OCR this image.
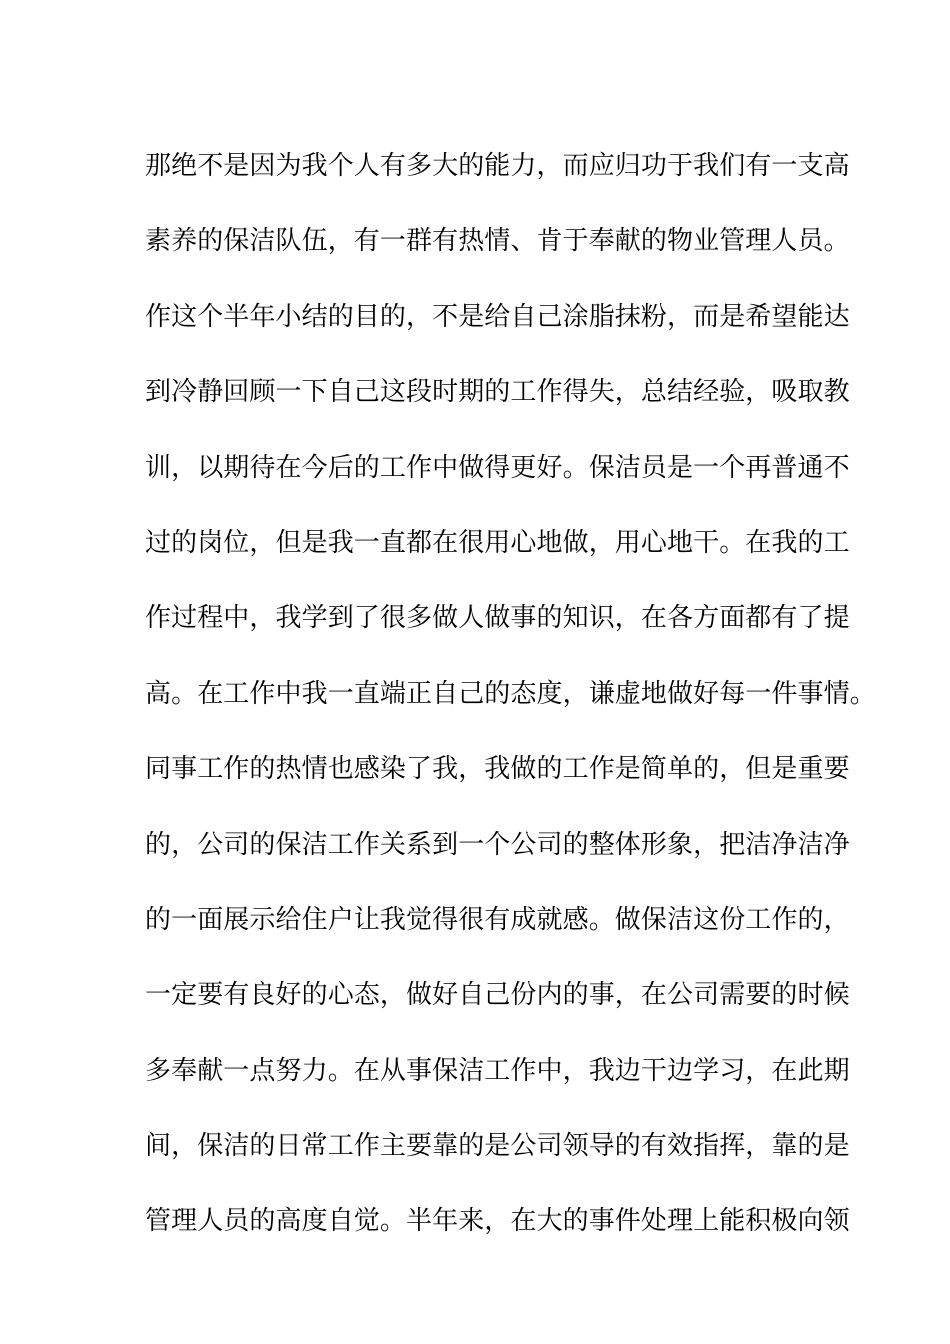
那绝不是因为我个人有多大的能力，而应归功于我们有一支高
素养的保洁队伍，有一群有热情、肯于奉献的物业管理人员。
作这个半年小结的目的，不是给自己涂脂抹粉，而是希望能达
到冷静回顾一下自己这段时期的工作得失，总结经验，吸取教
训，以期待在今后的工作中做得更好。保洁员是一个再普通不
过的岗位，但是我一直都在很用心地做，用心地干。在我的工
作过程中，我学到了很多做人做事的知识，在各方面都有了提
高。在工作中我一直端正自己的态度，谦虚地做好每一件事情。
同事工作的热情也感染了我，我做的工作是简单的，但是重要
的，公司的保洁工作关系到一个公司的整体形象，把洁净洁净
的一面展示给住户让我觉得很有成就感。做保洁这份工作的，
一定要有良好的心态，做好自己份内的事，在公司需要的时候
多奉献一点努力。在从事保洁工作中，我边干边学习，在此期
间，保洁的日常工作主要靠的是公司领导的有效指挥，靠的是
管理人员的高度自觉。半年来，在大的事件处理上能积极向领
